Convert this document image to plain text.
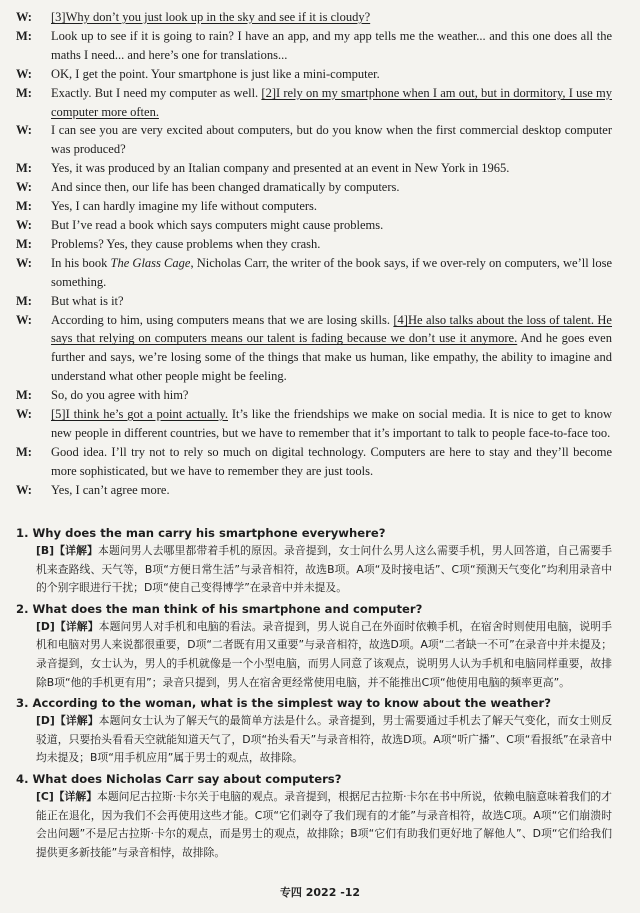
W:	[3]Why don’t you just look up in the sky and see if it is cloudy?
M:	Look up to see if it is going to rain? I have an app, and my app tells me the weather... and this one does all the maths I need... and here’s one for translations...
W:	OK, I get the point. Your smartphone is just like a mini-computer.
M:	Exactly. But I need my computer as well. [2]I rely on my smartphone when I am out, but in dormitory, I use my computer more often.
W:	I can see you are very excited about computers, but do you know when the first commercial desktop computer was produced?
M:	Yes, it was produced by an Italian company and presented at an event in New York in 1965.
W:	And since then, our life has been changed dramatically by computers.
M:	Yes, I can hardly imagine my life without computers.
W:	But I’ve read a book which says computers might cause problems.
M:	Problems? Yes, they cause problems when they crash.
W:	In his book The Glass Cage, Nicholas Carr, the writer of the book says, if we over-rely on computers, we’ll lose something.
M:	But what is it?
W:	According to him, using computers means that we are losing skills. [4]He also talks about the loss of talent. He says that relying on computers means our talent is fading because we don’t use it anymore. And he goes even further and says, we’re losing some of the things that make us human, like empathy, the ability to imagine and understand what other people might be feeling.
M:	So, do you agree with him?
W:	[5]I think he’s got a point actually. It’s like the friendships we make on social media. It is nice to get to know new people in different countries, but we have to remember that it’s important to talk to people face-to-face too.
M:	Good idea. I’ll try not to rely so much on digital technology. Computers are here to stay and they’ll become more sophisticated, but we have to remember they are just tools.
W:	Yes, I can’t agree more.

1. Why does the man carry his smartphone everywhere?

[B]【详解】本题问男人去哪里都带着手机的原因。录音提到，女士问什么男人这么需要手机，男人回答道，自己需要手机来查路线、天气等，B项“方便日常生活”与录音相符，故选B项。A项“及时接电话”、C项“预测天气变化”均利用录音中的个别字眼进行干扰；D项“使自己变得博学”在录音中并未提及。

2. What does the man think of his smartphone and computer?

[D]【详解】本题问男人对手机和电脑的看法。录音提到，男人说自己在外面时依赖手机，在宿舍时则使用电脑，说明手机和电脑对男人来说都很重要，D项“二者既有用又重要”与录音相符，故选D项。A项“二者缺一不可”在录音中并未提及；录音提到，女士认为，男人的手机就像是一个小型电脑，而男人同意了该观点，说明男人认为手机和电脑同样重要，故排除B项“他的手机更有用”；录音只提到，男人在宿舍更经常使用电脑，并不能推出C项“他使用电脑的频率更高”。

3. According to the woman, what is the simplest way to know about the weather?

[D]【详解】本题问女士认为了解天气的最简单方法是什么。录音提到，男士需要通过手机去了解天气变化，而女士则反驳道，只要抬头看看天空就能知道天气了，D项“抬头看天”与录音相符，故选D项。A项“听广播”、C项“看报纸”在录音中均未提及；B项“用手机应用”属于男士的观点，故排除。

4. What does Nicholas Carr say about computers?

[C]【详解】本题问尼古拉斯·卡尔关于电脑的观点。录音提到，根据尼古拉斯·卡尔在书中所说，依赖电脑意味着我们的才能正在退化，因为我们不会再使用这些才能。C项“它们剥夺了我们现有的才能”与录音相符，故选C项。A项“它们崩溃时会出问题”不是尼古拉斯·卡尔的观点，而是男士的观点，故排除；B项“它们有助我们更好地了解他人”、D项“它们给我们提供更多新技能”与录音相悖，故排除。

专四 2022 -12
